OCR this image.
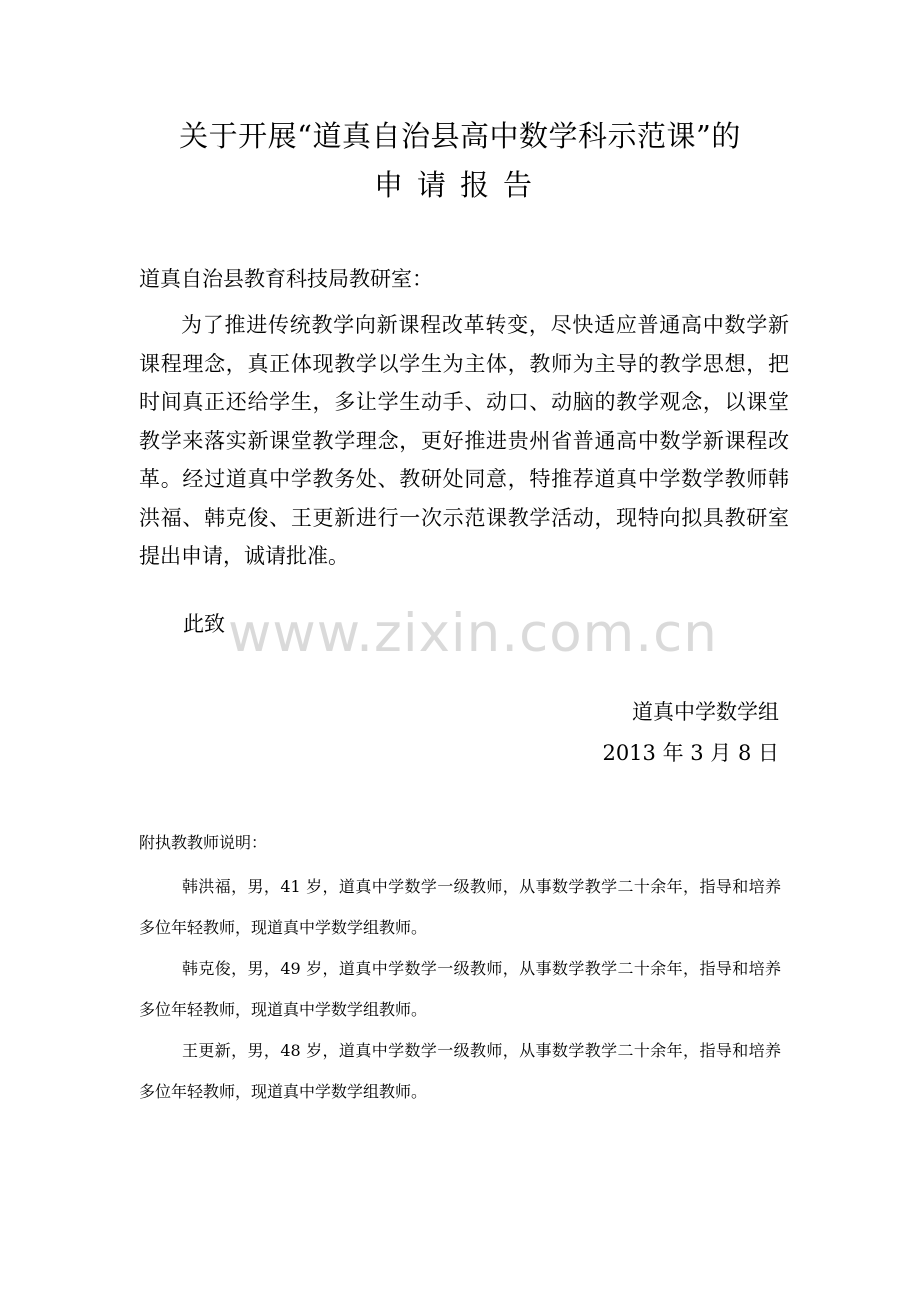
关于开展“道真自治县高中数学科示范课”的
申请报告
道真自治县教育科技局教研室：

为了推进传统教学向新课程改革转变，尽快适应普通高中数学新课程理念，真正体现教学以学生为主体，教师为主导的教学思想，把时间真正还给学生，多让学生动手、动口、动脑的教学观念，以课堂教学来落实新课堂教学理念，更好推进贵州省普通高中数学新课程改革。经过道真中学教务处、教研处同意，特推荐道真中学数学教师韩洪福、韩克俊、王更新进行一次示范课教学活动，现特向拟具教研室提出申请，诚请批准。

此致
道真中学数学组
2013 年 3 月 8 日
附执教教师说明：

韩洪福，男，41 岁，道真中学数学一级教师，从事数学教学二十余年，指导和培养多位年轻教师，现道真中学数学组教师。

韩克俊，男，49 岁，道真中学数学一级教师，从事数学教学二十余年，指导和培养多位年轻教师，现道真中学数学组教师。

王更新，男，48 岁，道真中学数学一级教师，从事数学教学二十余年，指导和培养多位年轻教师，现道真中学数学组教师。

www.zixin.com.cn
